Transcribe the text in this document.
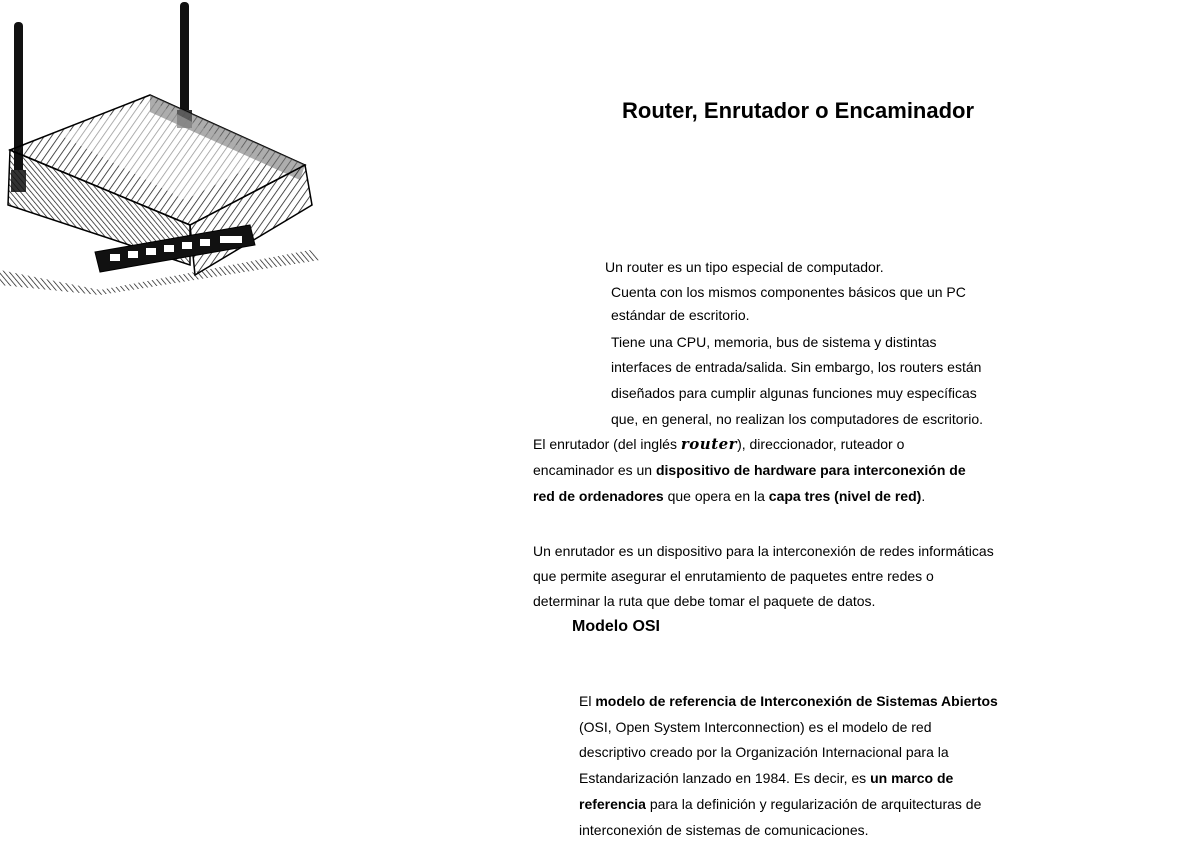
Router, Enrutador o Encaminador

Un router es un tipo especial de computador.

Cuenta con los mismos componentes básicos que un PC

estándar de escritorio.

Tiene una CPU, memoria, bus de sistema y distintas

interfaces de entrada/salida. Sin embargo, los routers están

diseñados para cumplir algunas funciones muy específicas

que, en general, no realizan los computadores de escritorio.

El enrutador (del inglés router), direccionador, ruteador o

encaminador es un dispositivo de hardware para interconexión de

red de ordenadores que opera en la capa tres (nivel de red).

Un enrutador es un dispositivo para la interconexión de redes informáticas

que permite asegurar el enrutamiento de paquetes entre redes o

determinar la ruta que debe tomar el paquete de datos.

Modelo OSI

El modelo de referencia de Interconexión de Sistemas Abiertos

(OSI, Open System Interconnection) es el modelo de red

descriptivo creado por la Organización Internacional para la

Estandarización lanzado en 1984. Es decir, es un marco de

referencia para la definición y regularización de arquitecturas de

interconexión de sistemas de comunicaciones.
